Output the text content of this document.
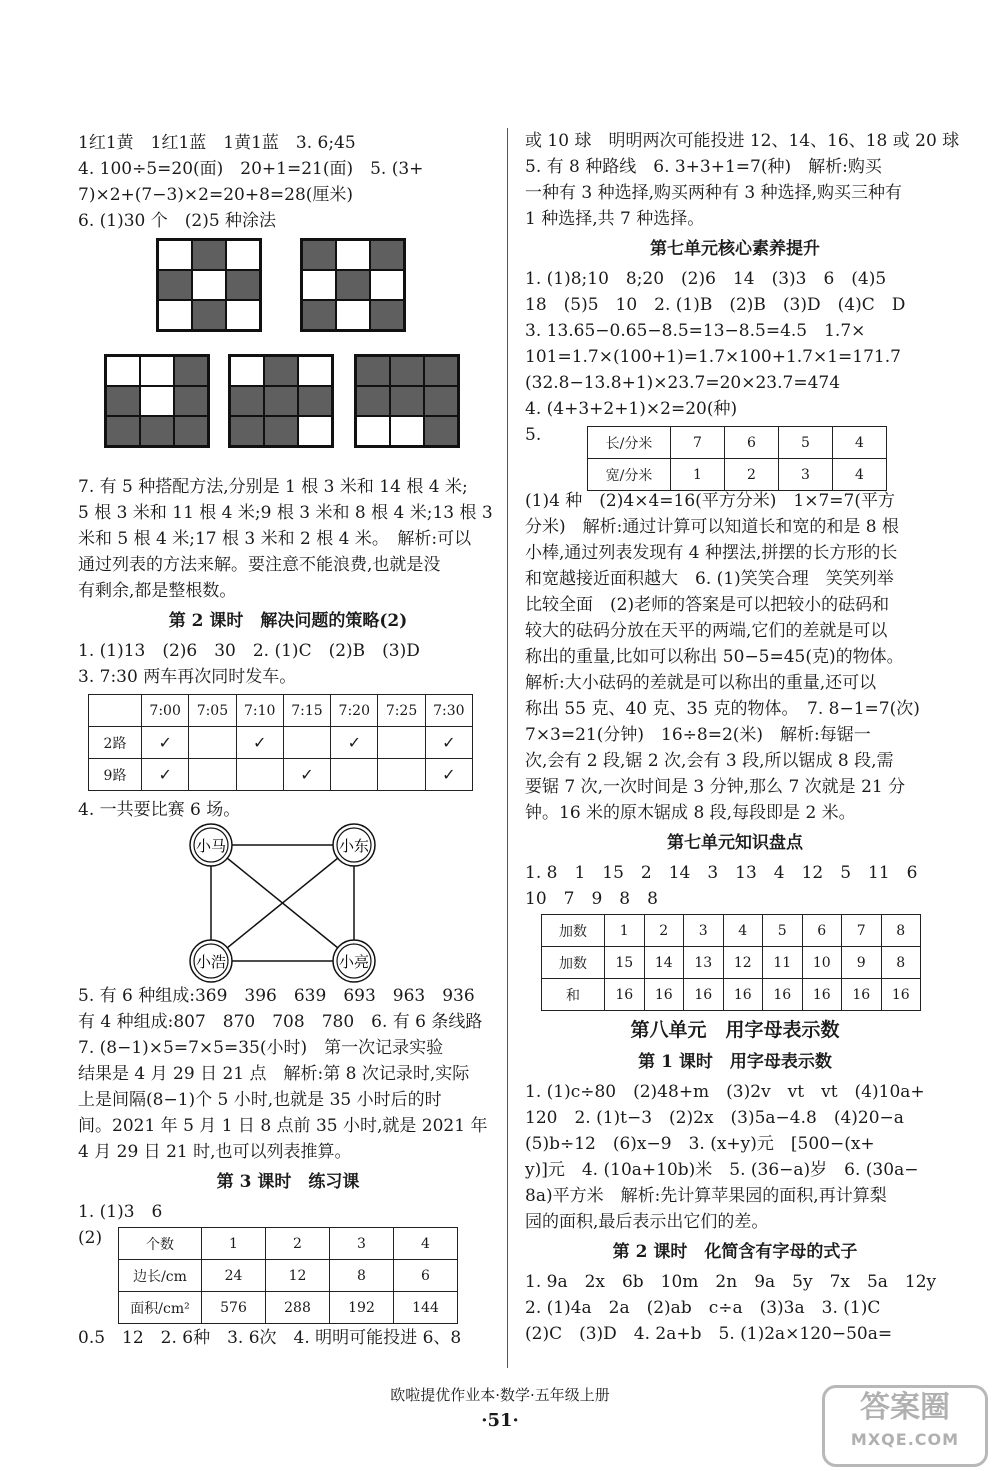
1红1黄　1红1蓝　1黄1蓝　3. 6;45

4. 100÷5=20(面)　20+1=21(面)　5. (3+

7)×2+(7−3)×2=20+8=28(厘米)

6. (1)30 个　(2)5 种涂法

7. 有 5 种搭配方法,分别是 1 根 3 米和 14 根 4 米;

5 根 3 米和 11 根 4 米;9 根 3 米和 8 根 4 米;13 根 3

米和 5 根 4 米;17 根 3 米和 2 根 4 米。　解析:可以

通过列表的方法来解。要注意不能浪费,也就是没

有剩余,都是整根数。

第 2 课时　解决问题的策略(2)

1. (1)13　(2)6　30　2. (1)C　(2)B　(3)D

3. 7:30 两车再次同时发车。

	7:00	7:05	7:10	7:15	7:20	7:25	7:30
2路	✓		✓		✓		✓
9路	✓			✓			✓

4. 一共要比赛 6 场。

小马	小东
小浩	小亮

5. 有 6 种组成:369　396　639　693　963　936

有 4 种组成:807　870　708　780　6. 有 6 条线路

7. (8−1)×5=7×5=35(小时)　第一次记录实验

结果是 4 月 29 日 21 点　解析:第 8 次记录时,实际

上是间隔(8−1)个 5 小时,也就是 35 小时后的时

间。2021 年 5 月 1 日 8 点前 35 小时,就是 2021 年

4 月 29 日 21 时,也可以列表推算。

第 3 课时　练习课

1. (1)3　6

(2)	个数	1	2	3	4
边长/cm	24	12	8	6
面积/cm²	576	288	192	144

0.5　12　2. 6种　3. 6次　4. 明明可能投进 6、8

或 10 球　明明两次可能投进 12、14、16、18 或 20 球

5. 有 8 种路线　6. 3+3+1=7(种)　解析:购买

一种有 3 种选择,购买两种有 3 种选择,购买三种有

1 种选择,共 7 种选择。

第七单元核心素养提升

1. (1)8;10　8;20　(2)6　14　(3)3　6　(4)5

18　(5)5　10　2. (1)B　(2)B　(3)D　(4)C　D

3. 13.65−0.65−8.5=13−8.5=4.5　1.7×

101=1.7×(100+1)=1.7×100+1.7×1=171.7

(32.8−13.8+1)×23.7=20×23.7=474

4. (4+3+2+1)×2=20(种)

5.	长/分米	7	6	5	4
宽/分米	1	2	3	4

(1)4 种　(2)4×4=16(平方分米)　1×7=7(平方

分米)　解析:通过计算可以知道长和宽的和是 8 根

小棒,通过列表发现有 4 种摆法,拼摆的长方形的长

和宽越接近面积越大　6. (1)笑笑合理　笑笑列举

比较全面　(2)老师的答案是可以把较小的砝码和

较大的砝码分放在天平的两端,它们的差就是可以

称出的重量,比如可以称出 50−5=45(克)的物体。

解析:大小砝码的差就是可以称出的重量,还可以

称出 55 克、40 克、35 克的物体。　7. 8−1=7(次)

7×3=21(分钟)　16÷8=2(米)　解析:每锯一

次,会有 2 段,锯 2 次,会有 3 段,所以锯成 8 段,需

要锯 7 次,一次时间是 3 分钟,那么 7 次就是 21 分

钟。16 米的原木锯成 8 段,每段即是 2 米。

第七单元知识盘点

1. 8　1　15　2　14　3　13　4　12　5　11　6

10　7　9　8　8

加数	1	2	3	4	5	6	7	8
加数	15	14	13	12	11	10	9	8
和	16	16	16	16	16	16	16	16

第八单元　用字母表示数

第 1 课时　用字母表示数

1. (1)c÷80　(2)48+m　(3)2v　vt　vt　(4)10a+

120　2. (1)t−3　(2)2x　(3)5a−4.8　(4)20−a

(5)b÷12　(6)x−9　3. (x+y)元　[500−(x+

y)]元　4. (10a+10b)米　5. (36−a)岁　6. (30a−

8a)平方米　解析:先计算苹果园的面积,再计算梨

园的面积,最后表示出它们的差。

第 2 课时　化简含有字母的式子

1. 9a　2x　6b　10m　2n　9a　5y　7x　5a　12y

2. (1)4a　2a　(2)ab　c÷a　(3)3a　3. (1)C

(2)C　(3)D　4. 2a+b　5. (1)2a×120−50a=

欧啦提优作业本·数学·五年级上册
·51·	答案圈
MXQE.COM
